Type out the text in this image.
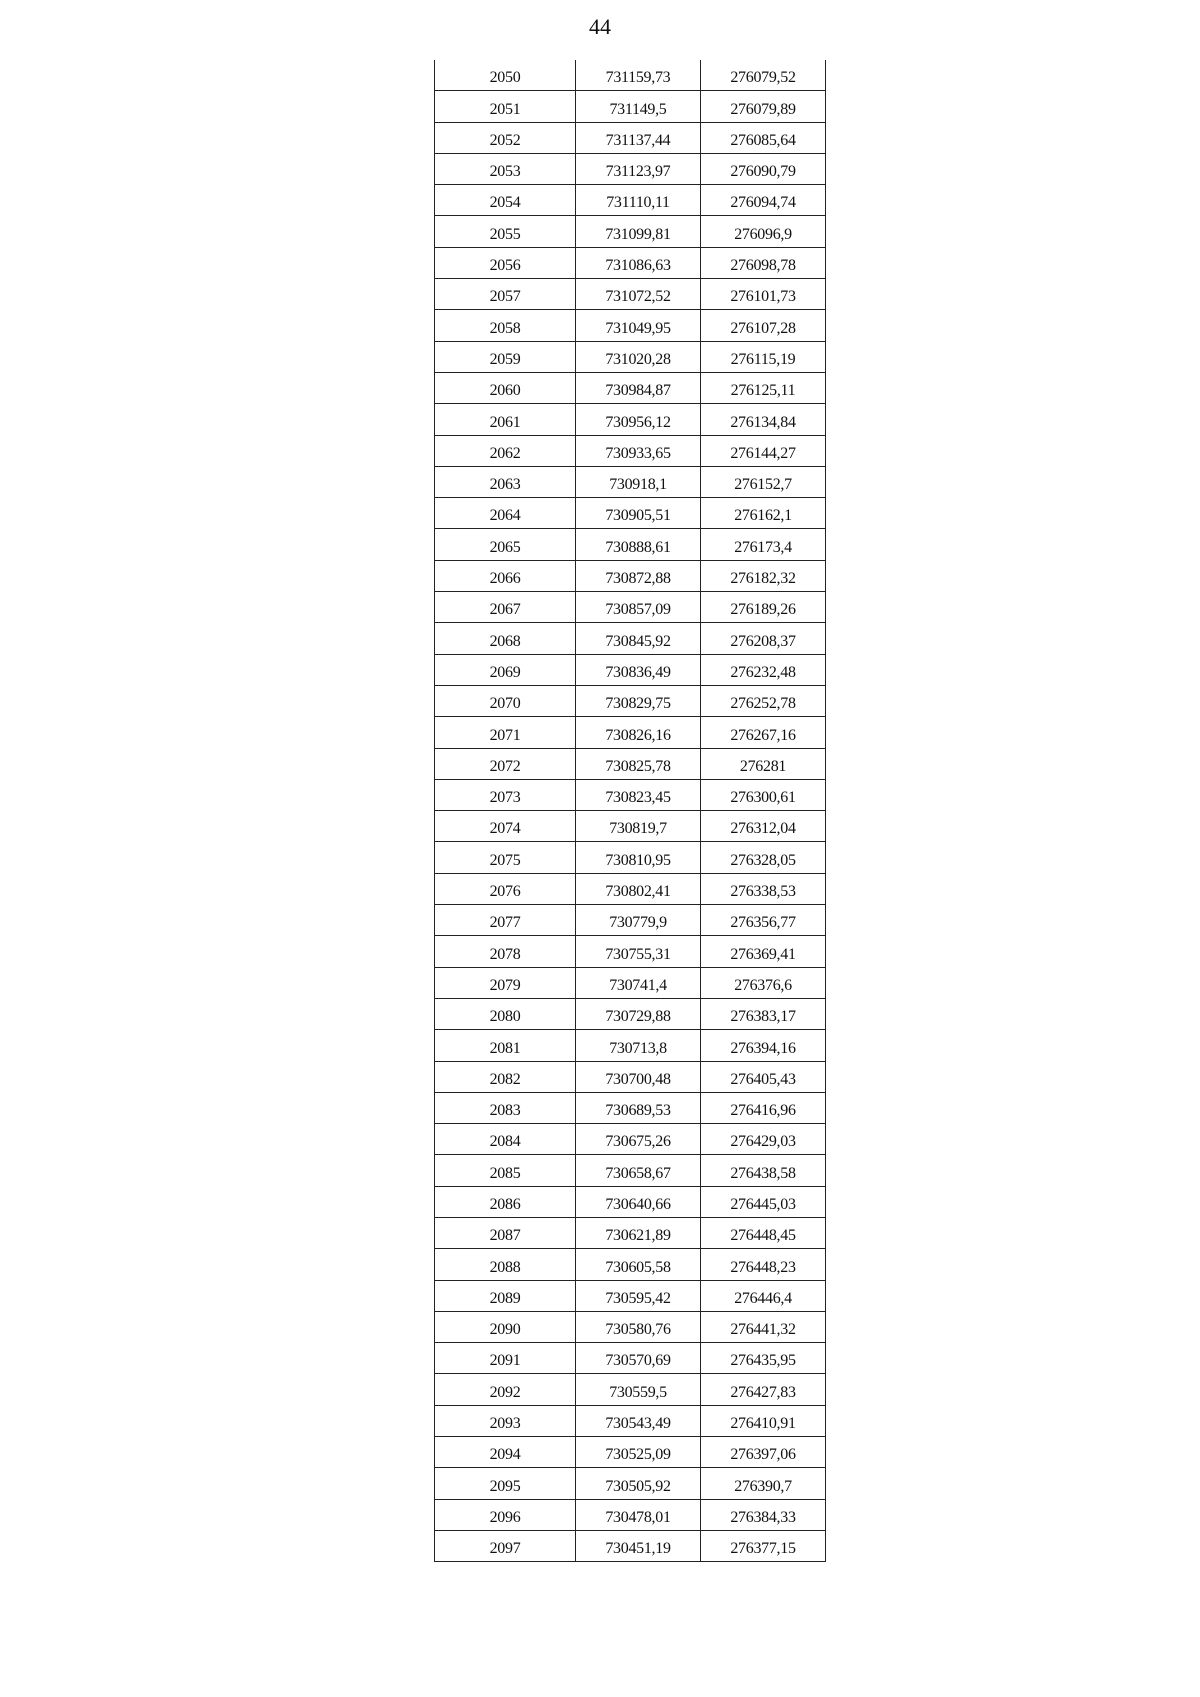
44
2050	731159,73	276079,52
2051	731149,5	276079,89
2052	731137,44	276085,64
2053	731123,97	276090,79
2054	731110,11	276094,74
2055	731099,81	276096,9
2056	731086,63	276098,78
2057	731072,52	276101,73
2058	731049,95	276107,28
2059	731020,28	276115,19
2060	730984,87	276125,11
2061	730956,12	276134,84
2062	730933,65	276144,27
2063	730918,1	276152,7
2064	730905,51	276162,1
2065	730888,61	276173,4
2066	730872,88	276182,32
2067	730857,09	276189,26
2068	730845,92	276208,37
2069	730836,49	276232,48
2070	730829,75	276252,78
2071	730826,16	276267,16
2072	730825,78	276281
2073	730823,45	276300,61
2074	730819,7	276312,04
2075	730810,95	276328,05
2076	730802,41	276338,53
2077	730779,9	276356,77
2078	730755,31	276369,41
2079	730741,4	276376,6
2080	730729,88	276383,17
2081	730713,8	276394,16
2082	730700,48	276405,43
2083	730689,53	276416,96
2084	730675,26	276429,03
2085	730658,67	276438,58
2086	730640,66	276445,03
2087	730621,89	276448,45
2088	730605,58	276448,23
2089	730595,42	276446,4
2090	730580,76	276441,32
2091	730570,69	276435,95
2092	730559,5	276427,83
2093	730543,49	276410,91
2094	730525,09	276397,06
2095	730505,92	276390,7
2096	730478,01	276384,33
2097	730451,19	276377,15
